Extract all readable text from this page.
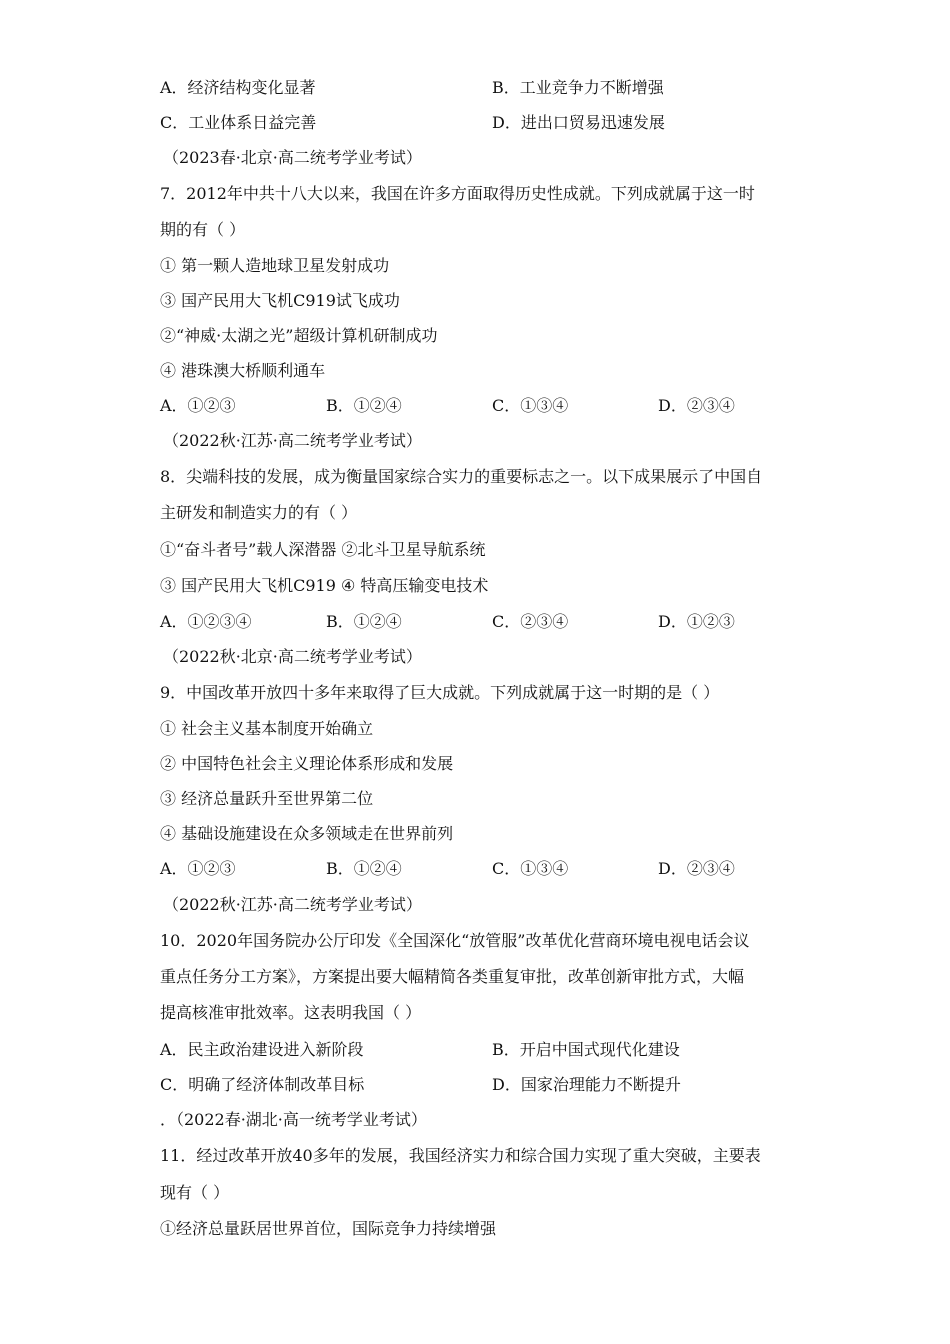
A．经济结构变化显著	B．工业竞争力不断增强
C．工业体系日益完善	D．进出口贸易迅速发展
（2023春·北京·高二统考学业考试）
7．2012年中共十八大以来，我国在许多方面取得历史性成就。下列成就属于这一时
期的有（ ）
① 第一颗人造地球卫星发射成功
③ 国产民用大飞机C919试飞成功
②“神威·太湖之光”超级计算机研制成功
④ 港珠澳大桥顺利通车
A．①②③	B．①②④	C．①③④	D．②③④
（2022秋·江苏·高二统考学业考试）
8．尖端科技的发展，成为衡量国家综合实力的重要标志之一。以下成果展示了中国自
主研发和制造实力的有（ ）
①“奋斗者号”载人深潜器 ②北斗卫星导航系统
③ 国产民用大飞机C919 ④ 特高压输变电技术
A．①②③④	B．①②④	C．②③④	D．①②③
（2022秋·北京·高二统考学业考试）
9．中国改革开放四十多年来取得了巨大成就。下列成就属于这一时期的是（ ）
① 社会主义基本制度开始确立
② 中国特色社会主义理论体系形成和发展
③ 经济总量跃升至世界第二位
④ 基础设施建设在众多领域走在世界前列
A．①②③	B．①②④	C．①③④	D．②③④
（2022秋·江苏·高二统考学业考试）
10．2020年国务院办公厅印发《全国深化“放管服”改革优化营商环境电视电话会议
重点任务分工方案》，方案提出要大幅精简各类重复审批，改革创新审批方式，大幅
提高核准审批效率。这表明我国（ ）
A．民主政治建设进入新阶段	B．开启中国式现代化建设
C．明确了经济体制改革目标	D．国家治理能力不断提升
．（2022春·湖北·高一统考学业考试）
11．经过改革开放40多年的发展，我国经济实力和综合国力实现了重大突破，主要表
现有（ ）
①经济总量跃居世界首位，国际竞争力持续增强
